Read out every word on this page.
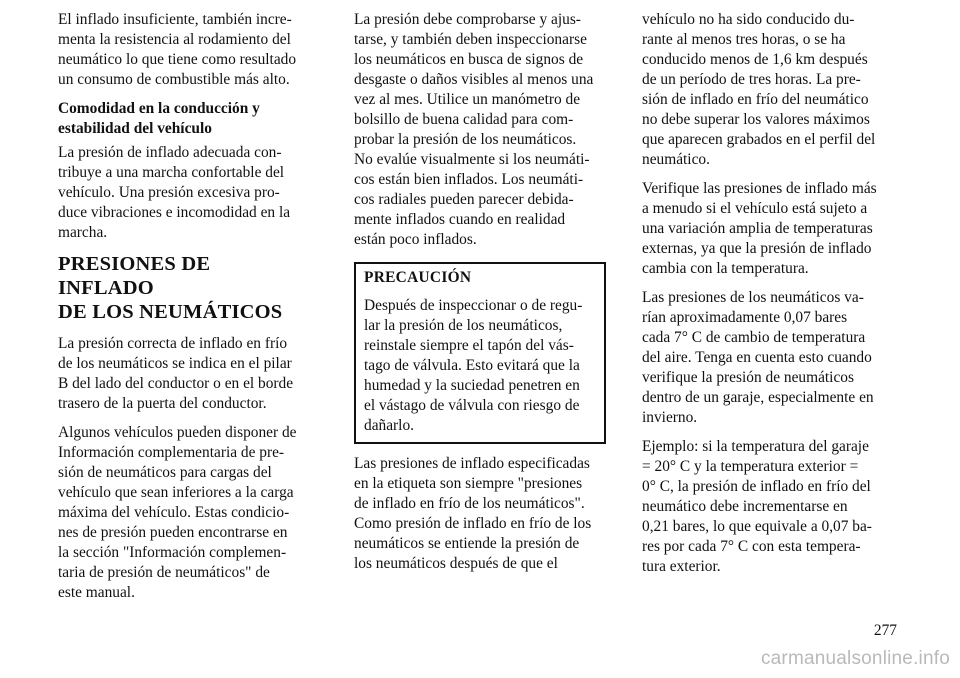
El inflado insuficiente, también incre-
menta la resistencia al rodamiento del
neumático lo que tiene como resultado
un consumo de combustible más alto.

Comodidad en la conducción y
estabilidad del vehículo

La presión de inflado adecuada con-
tribuye a una marcha confortable del
vehículo. Una presión excesiva pro-
duce vibraciones e incomodidad en la
marcha.

PRESIONES DE INFLADO
DE LOS NEUMÁTICOS

La presión correcta de inflado en frío
de los neumáticos se indica en el pilar
B del lado del conductor o en el borde
trasero de la puerta del conductor.

Algunos vehículos pueden disponer de
Información complementaria de pre-
sión de neumáticos para cargas del
vehículo que sean inferiores a la carga
máxima del vehículo. Estas condicio-
nes de presión pueden encontrarse en
la sección "Información complemen-
taria de presión de neumáticos" de
este manual.

La presión debe comprobarse y ajus-
tarse, y también deben inspeccionarse
los neumáticos en busca de signos de
desgaste o daños visibles al menos una
vez al mes. Utilice un manómetro de
bolsillo de buena calidad para com-
probar la presión de los neumáticos.
No evalúe visualmente si los neumáti-
cos están bien inflados. Los neumáti-
cos radiales pueden parecer debida-
mente inflados cuando en realidad
están poco inflados.

PRECAUCIÓN

Después de inspeccionar o de regu-
lar la presión de los neumáticos,
reinstale siempre el tapón del vás-
tago de válvula. Esto evitará que la
humedad y la suciedad penetren en
el vástago de válvula con riesgo de
dañarlo.

Las presiones de inflado especificadas
en la etiqueta son siempre "presiones
de inflado en frío de los neumáticos".
Como presión de inflado en frío de los
neumáticos se entiende la presión de
los neumáticos después de que el

vehículo no ha sido conducido du-
rante al menos tres horas, o se ha
conducido menos de 1,6 km después
de un período de tres horas. La pre-
sión de inflado en frío del neumático
no debe superar los valores máximos
que aparecen grabados en el perfil del
neumático.

Verifique las presiones de inflado más
a menudo si el vehículo está sujeto a
una variación amplia de temperaturas
externas, ya que la presión de inflado
cambia con la temperatura.

Las presiones de los neumáticos va-
rían aproximadamente 0,07 bares
cada 7° C de cambio de temperatura
del aire. Tenga en cuenta esto cuando
verifique la presión de neumáticos
dentro de un garaje, especialmente en
invierno.

Ejemplo: si la temperatura del garaje
= 20° C y la temperatura exterior =
0° C, la presión de inflado en frío del
neumático debe incrementarse en
0,21 bares, lo que equivale a 0,07 ba-
res por cada 7° C con esta tempera-
tura exterior.

277
carmanualsonline.info
